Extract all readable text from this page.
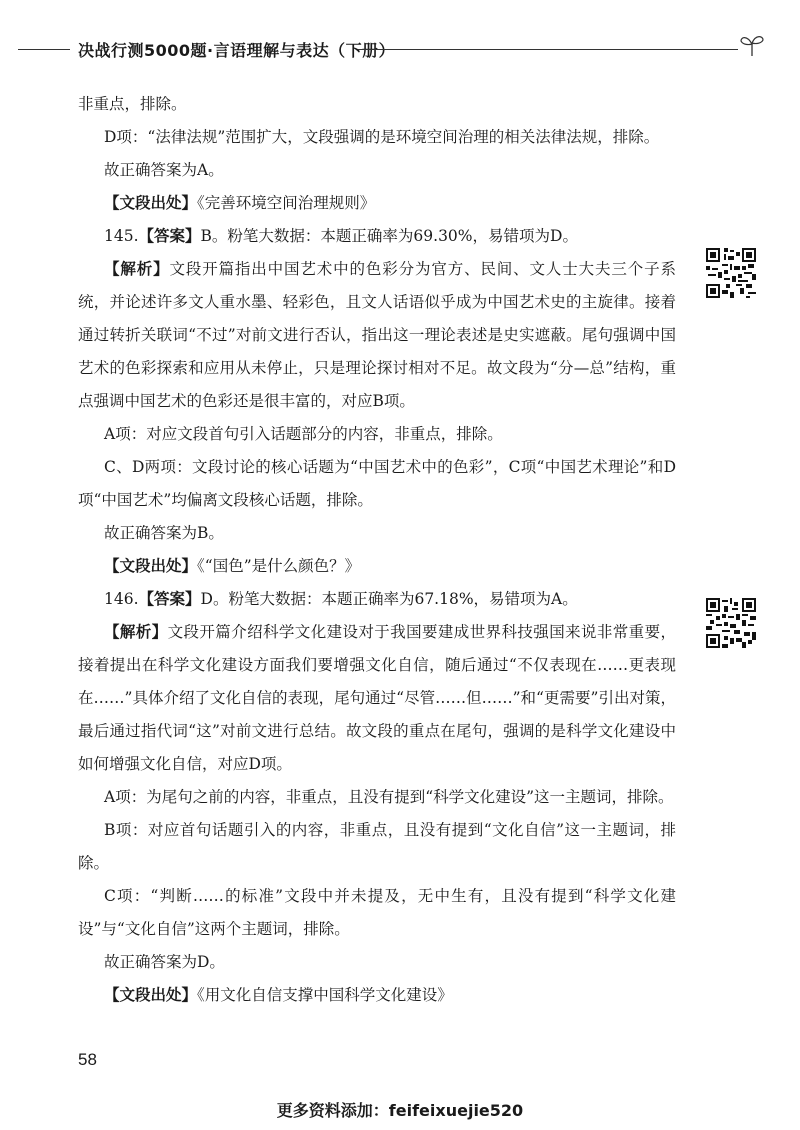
决战行测5000题·言语理解与表达（下册）

非重点，排除。

D项：“法律法规”范围扩大，文段强调的是环境空间治理的相关法律法规，排除。

故正确答案为A。

【文段出处】《完善环境空间治理规则》

145.【答案】B。粉笔大数据：本题正确率为69.30%，易错项为D。

【解析】文段开篇指出中国艺术中的色彩分为官方、民间、文人士大夫三个子系统，并论述许多文人重水墨、轻彩色，且文人话语似乎成为中国艺术史的主旋律。接着通过转折关联词“不过”对前文进行否认，指出这一理论表述是史实遮蔽。尾句强调中国艺术的色彩探索和应用从未停止，只是理论探讨相对不足。故文段为“分—总”结构，重点强调中国艺术的色彩还是很丰富的，对应B项。

A项：对应文段首句引入话题部分的内容，非重点，排除。

C、D两项：文段讨论的核心话题为“中国艺术中的色彩”，C项“中国艺术理论”和D项“中国艺术”均偏离文段核心话题，排除。

故正确答案为B。

【文段出处】《“国色”是什么颜色？》

146.【答案】D。粉笔大数据：本题正确率为67.18%，易错项为A。

【解析】文段开篇介绍科学文化建设对于我国要建成世界科技强国来说非常重要，接着提出在科学文化建设方面我们要增强文化自信，随后通过“不仅表现在……更表现在……”具体介绍了文化自信的表现，尾句通过“尽管……但……”和“更需要”引出对策，最后通过指代词“这”对前文进行总结。故文段的重点在尾句，强调的是科学文化建设中如何增强文化自信，对应D项。

A项：为尾句之前的内容，非重点，且没有提到“科学文化建设”这一主题词，排除。

B项：对应首句话题引入的内容，非重点，且没有提到“文化自信”这一主题词，排除。

C项：“判断……的标准”文段中并未提及，无中生有，且没有提到“科学文化建设”与“文化自信”这两个主题词，排除。

故正确答案为D。

【文段出处】《用文化自信支撑中国科学文化建设》

58
更多资料添加：feifeixuejie520
